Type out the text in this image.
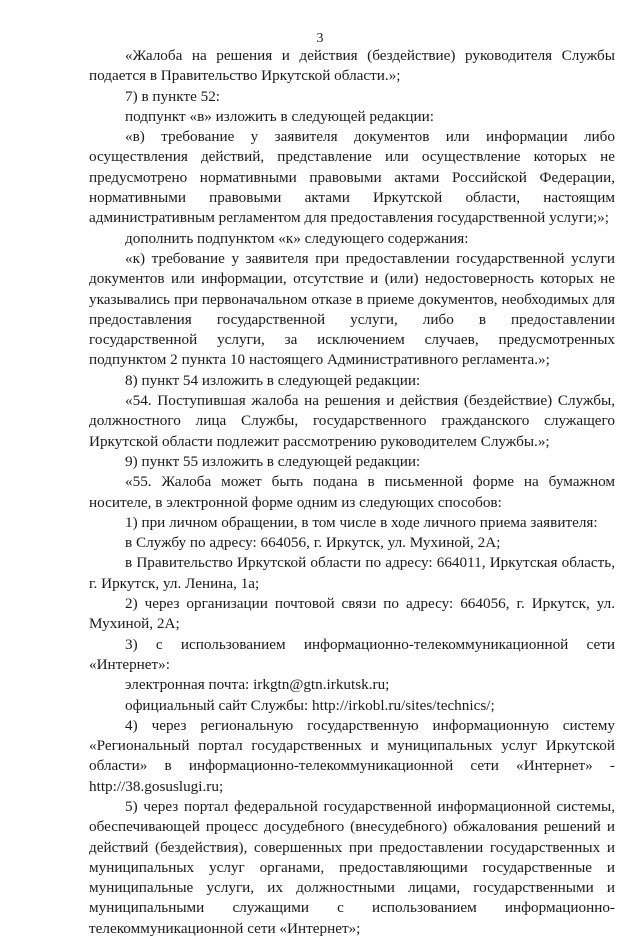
3

«Жалоба на решения и действия (бездействие) руководителя Службы подается в Правительство Иркутской области.»;

7) в пункте 52:

подпункт «в» изложить в следующей редакции:

«в) требование у заявителя документов или информации либо осуществления действий, представление или осуществление которых не предусмотрено нормативными правовыми актами Российской Федерации, нормативными правовыми актами Иркутской области, настоящим административным регламентом для предоставления государственной услуги;»;

дополнить подпунктом «к» следующего содержания:

«к) требование у заявителя при предоставлении государственной услуги документов или информации, отсутствие и (или) недостоверность которых не указывались при первоначальном отказе в приеме документов, необходимых для предоставления государственной услуги, либо в предоставлении государственной услуги, за исключением случаев, предусмотренных подпунктом 2 пункта 10 настоящего Административного регламента.»;

8) пункт 54 изложить в следующей редакции:

«54. Поступившая жалоба на решения и действия (бездействие) Службы, должностного лица Службы, государственного гражданского служащего Иркутской области подлежит рассмотрению руководителем Службы.»;

9) пункт 55 изложить в следующей редакции:

«55. Жалоба может быть подана в письменной форме на бумажном носителе, в электронной форме одним из следующих способов:

1) при личном обращении, в том числе в ходе личного приема заявителя:

в Службу по адресу: 664056, г. Иркутск, ул. Мухиной, 2А;

в Правительство Иркутской области по адресу: 664011, Иркутская область, г. Иркутск, ул. Ленина, 1а;

2) через организации почтовой связи по адресу: 664056, г. Иркутск, ул. Мухиной, 2А;

3) с использованием информационно-телекоммуникационной сети «Интернет»:

электронная почта: irkgtn@gtn.irkutsk.ru;

официальный сайт Службы: http://irkobl.ru/sites/technics/;

4) через региональную государственную информационную систему «Региональный портал государственных и муниципальных услуг Иркутской области» в информационно-телекоммуникационной сети «Интернет» - http://38.gosuslugi.ru;

5) через портал федеральной государственной информационной системы, обеспечивающей процесс досудебного (внесудебного) обжалования решений и действий (бездействия), совершенных при предоставлении государственных и муниципальных услуг органами, предоставляющими государственные и муниципальные услуги, их должностными лицами, государственными и муниципальными служащими с использованием информационно-телекоммуникационной сети «Интернет»;
